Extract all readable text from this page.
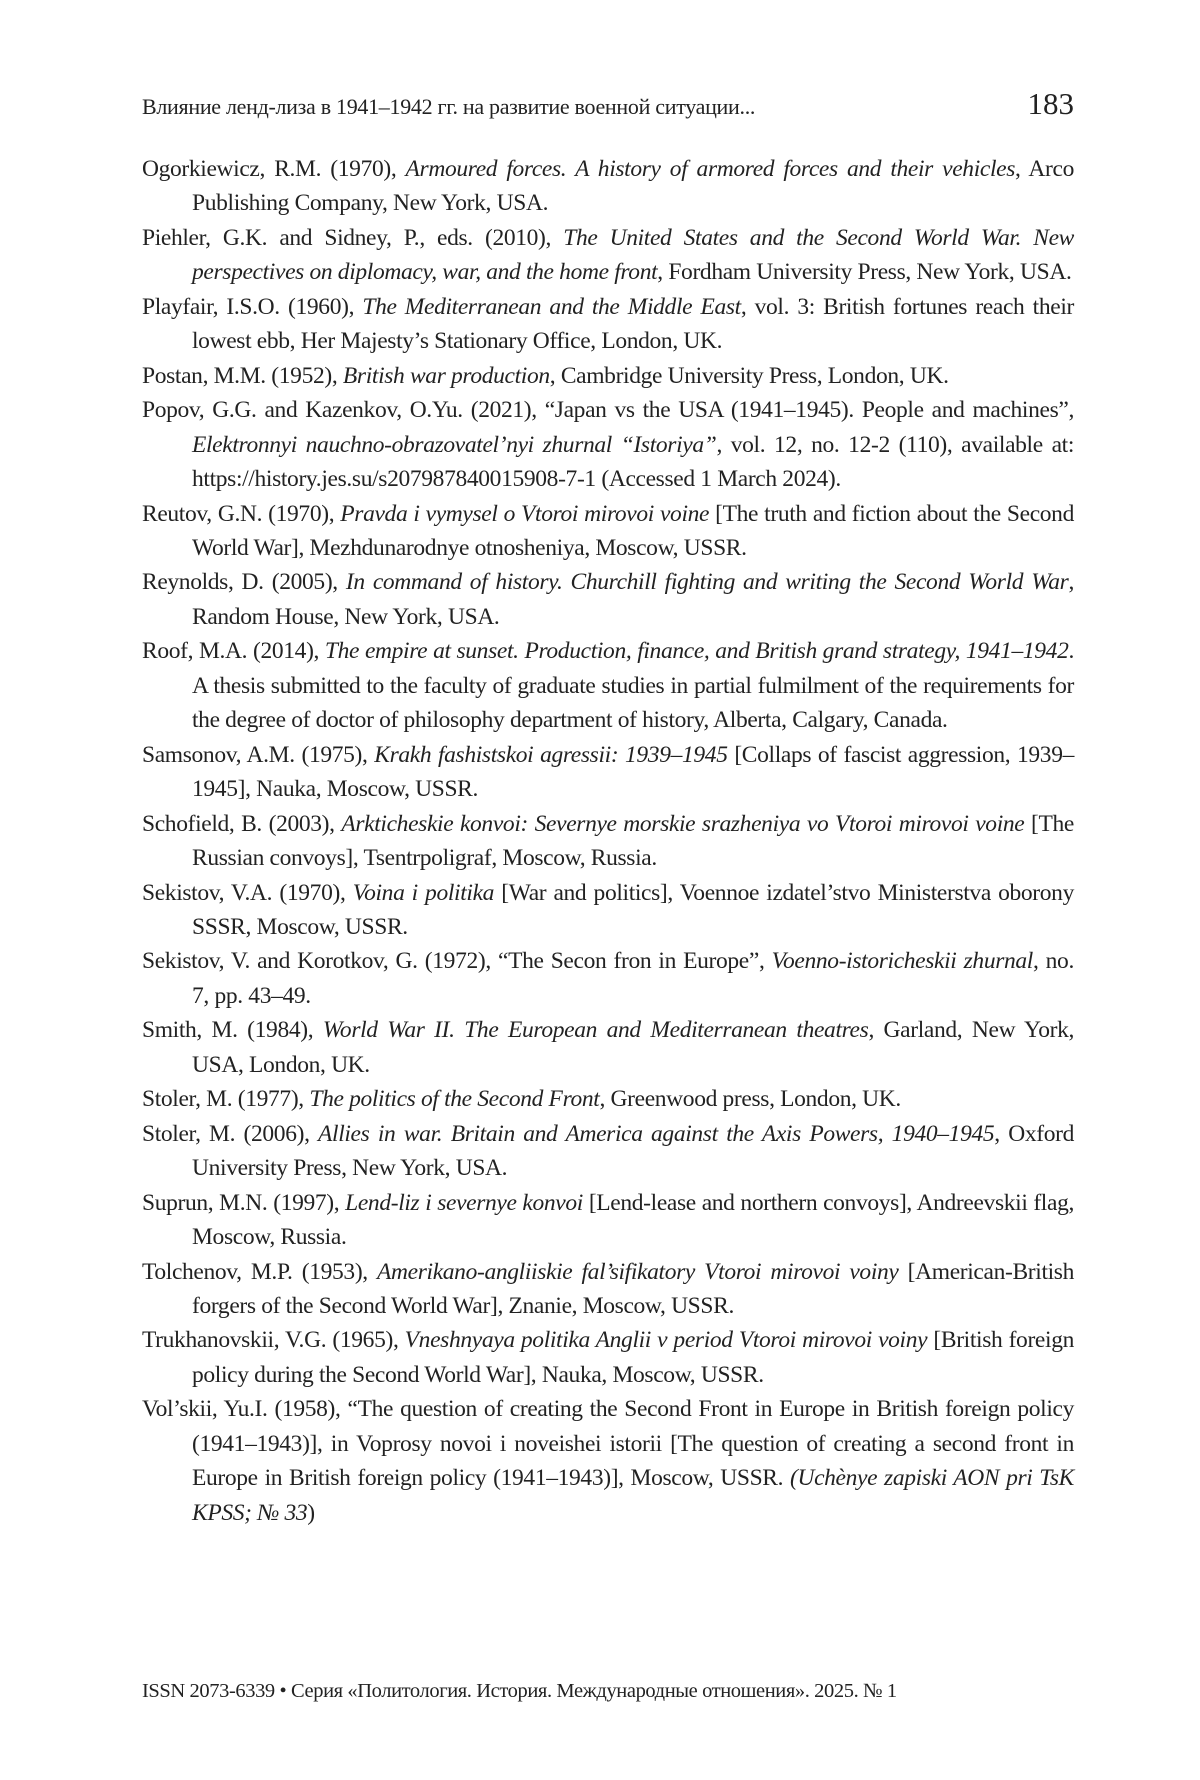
Влияние ленд-лиза в 1941–1942 гг. на развитие военной ситуации...	183
Ogorkiewicz, R.M. (1970), Armoured forces. A history of armored forces and their vehicles, Arco Publishing Company, New York, USA.
Piehler, G.K. and Sidney, P., eds. (2010), The United States and the Second World War. New perspectives on diplomacy, war, and the home front, Fordham University Press, New York, USA.
Playfair, I.S.O. (1960), The Mediterranean and the Middle East, vol. 3: British fortunes reach their lowest ebb, Her Majesty’s Stationary Office, London, UK.
Postan, M.M. (1952), British war production, Cambridge University Press, London, UK.
Popov, G.G. and Kazenkov, O.Yu. (2021), “Japan vs the USA (1941–1945). People and machines”, Elektronnyi nauchno-obrazovatel’nyi zhurnal “Istoriya”, vol. 12, no. 12-2 (110), available at: https://history.jes.su/s207987840015908-7-1 (Accessed 1 March 2024).
Reutov, G.N. (1970), Pravda i vymysel o Vtoroi mirovoi voine [The truth and fiction about the Second World War], Mezhdunarodnye otnosheniya, Moscow, USSR.
Reynolds, D. (2005), In command of history. Churchill fighting and writing the Second World War, Random House, New York, USA.
Roof, M.A. (2014), The empire at sunset. Production, finance, and British grand strategy, 1941–1942. A thesis submitted to the faculty of graduate studies in partial fulmilment of the requirements for the degree of doctor of philosophy department of history, Alberta, Calgary, Canada.
Samsonov, A.M. (1975), Krakh fashistskoi agressii: 1939–1945 [Collaps of fascist aggression, 1939–1945], Nauka, Moscow, USSR.
Schofield, B. (2003), Arkticheskie konvoi: Severnye morskie srazheniya vo Vtoroi mirovoi voine [The Russian convoys], Tsentrpoligraf, Moscow, Russia.
Sekistov, V.A. (1970), Voina i politika [War and politics], Voennoe izdatel’stvo Ministerstva oborony SSSR, Moscow, USSR.
Sekistov, V. and Korotkov, G. (1972), “The Secon fron in Europe”, Voenno-istoricheskii zhurnal, no. 7, pp. 43–49.
Smith, M. (1984), World War II. The European and Mediterranean theatres, Garland, New York, USA, London, UK.
Stoler, M. (1977), The politics of the Second Front, Greenwood press, London, UK.
Stoler, M. (2006), Allies in war. Britain and America against the Axis Powers, 1940–1945, Oxford University Press, New York, USA.
Suprun, M.N. (1997), Lend-liz i severnye konvoi [Lend-lease and northern convoys], Andreevskii flag, Moscow, Russia.
Tolchenov, M.P. (1953), Amerikano-angliiskie fal’sifikatory Vtoroi mirovoi voiny [American-British forgers of the Second World War], Znanie, Moscow, USSR.
Trukhanovskii, V.G. (1965), Vneshnyaya politika Anglii v period Vtoroi mirovoi voiny [British foreign policy during the Second World War], Nauka, Moscow, USSR.
Vol’skii, Yu.I. (1958), “The question of creating the Second Front in Europe in British foreign policy (1941–1943)], in Voprosy novoi i noveishei istorii [The question of creating a second front in Europe in British foreign policy (1941–1943)], Moscow, USSR. (Uchènye zapiski AON pri TsK KPSS; № 33)
ISSN 2073-6339 • Серия «Политология. История. Международные отношения». 2025. № 1
